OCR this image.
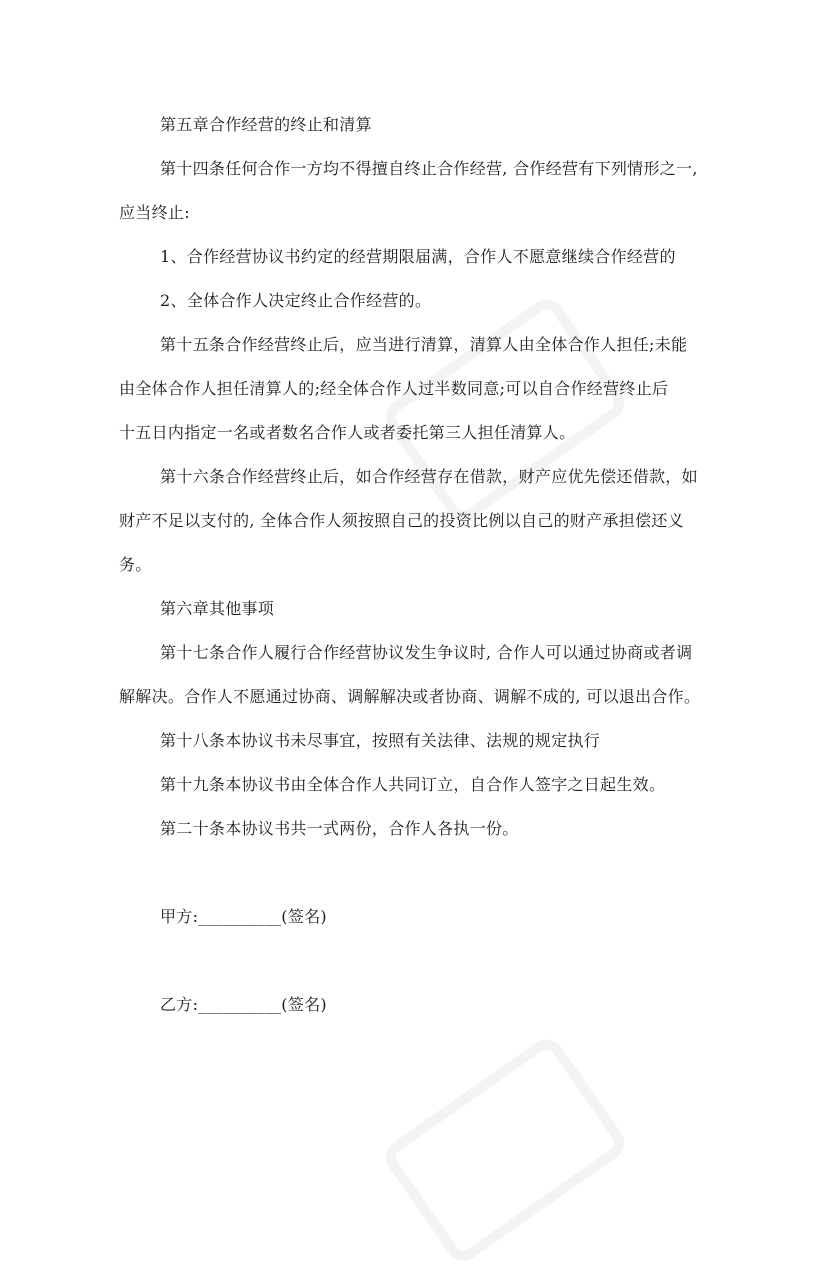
第五章合作经营的终止和清算
第十四条任何合作一方均不得擅自终止合作经营, 合作经营有下列情形之一,
应当终止:
1、合作经营协议书约定的经营期限届满，合作人不愿意继续合作经营的
2、全体合作人决定终止合作经营的。
第十五条合作经营终止后，应当进行清算，清算人由全体合作人担任;未能
由全体合作人担任清算人的;经全体合作人过半数同意;可以自合作经营终止后
十五日内指定一名或者数名合作人或者委托第三人担任清算人。
第十六条合作经营终止后，如合作经营存在借款，财产应优先偿还借款，如
财产不足以支付的, 全体合作人须按照自己的投资比例以自己的财产承担偿还义
务。
第六章其他事项
第十七条合作人履行合作经营协议发生争议时, 合作人可以通过协商或者调
解解决。合作人不愿通过协商、调解解决或者协商、调解不成的, 可以退出合作。
第十八条本协议书未尽事宜，按照有关法律、法规的规定执行
第十九条本协议书由全体合作人共同订立，自合作人签字之日起生效。
第二十条本协议书共一式两份，合作人各执一份。
甲方:__________(签名)
乙方:__________(签名)
